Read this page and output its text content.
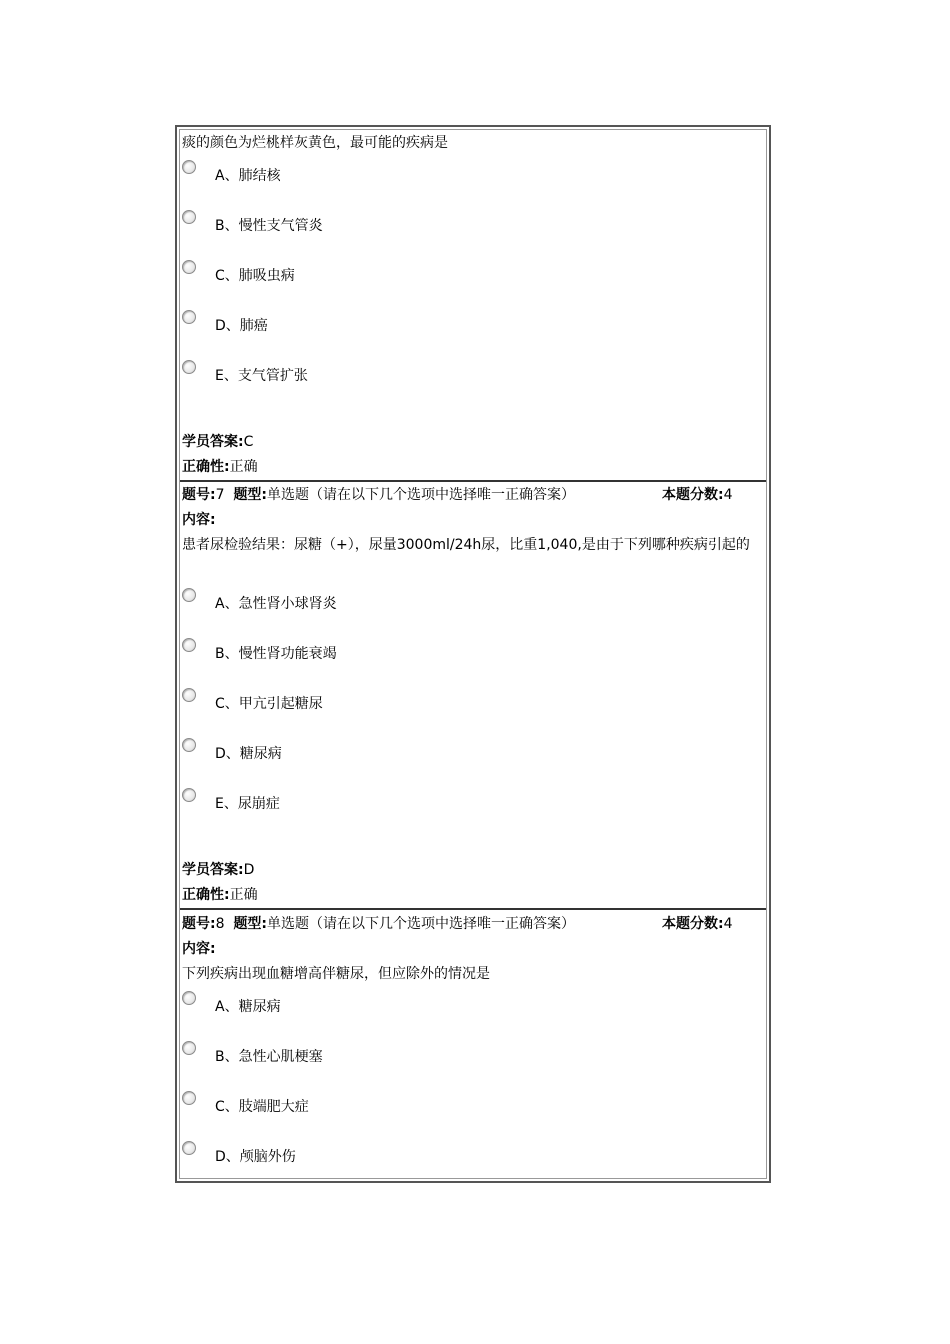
痰的颜色为烂桃样灰黄色，最可能的疾病是
A、肺结核
B、慢性支气管炎
C、肺吸虫病
D、肺癌
E、支气管扩张
学员答案:C
正确性:正确
题号:7 题型:单选题（请在以下几个选项中选择唯一正确答案）	本题分数:4
内容:
患者尿检验结果：尿糖（+），尿量3000ml/24h尿，比重1,040,是由于下列哪种疾病引起的
A、急性肾小球肾炎
B、慢性肾功能衰竭
C、甲亢引起糖尿
D、糖尿病
E、尿崩症
学员答案:D
正确性:正确
题号:8 题型:单选题（请在以下几个选项中选择唯一正确答案）	本题分数:4
内容:
下列疾病出现血糖增高伴糖尿，但应除外的情况是
A、糖尿病
B、急性心肌梗塞
C、肢端肥大症
D、颅脑外伤
